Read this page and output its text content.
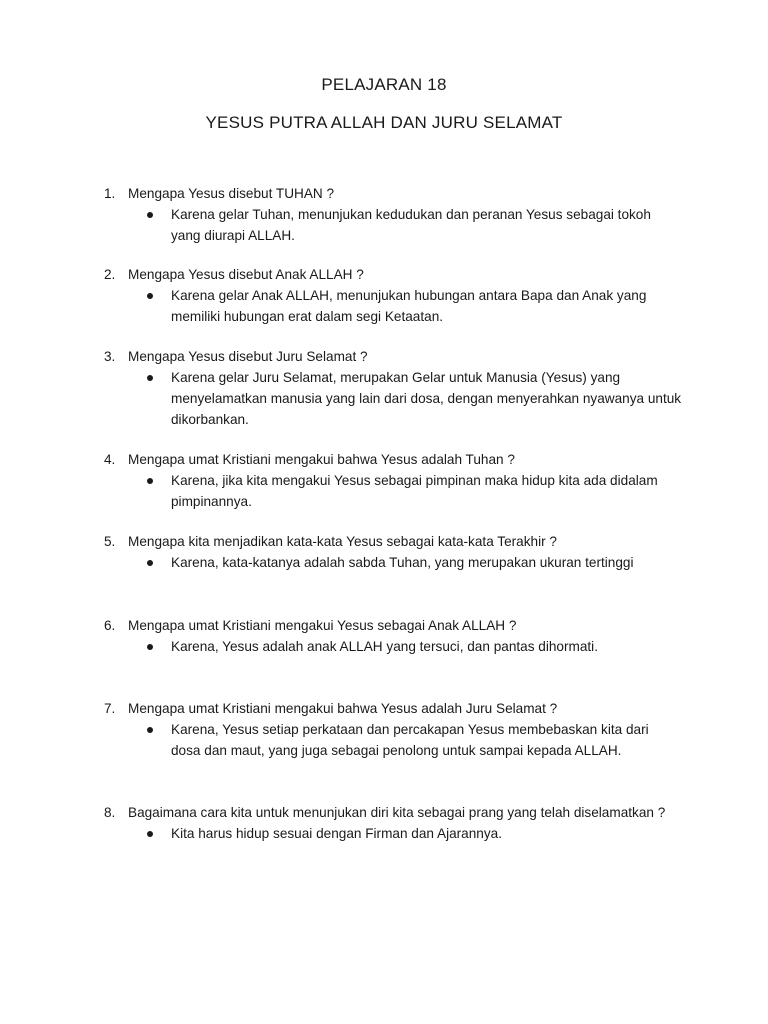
PELAJARAN 18
YESUS PUTRA ALLAH DAN JURU SELAMAT
1. Mengapa Yesus disebut TUHAN ?
Karena gelar Tuhan, menunjukan kedudukan dan peranan Yesus sebagai tokoh yang diurapi ALLAH.
2. Mengapa Yesus disebut Anak ALLAH ?
Karena gelar Anak ALLAH, menunjukan hubungan antara Bapa dan Anak yang memiliki hubungan erat dalam segi Ketaatan.
3. Mengapa Yesus disebut Juru Selamat ?
Karena gelar Juru Selamat, merupakan Gelar untuk Manusia (Yesus) yang menyelamatkan manusia yang lain dari dosa, dengan menyerahkan nyawanya untuk dikorbankan.
4. Mengapa umat Kristiani mengakui bahwa Yesus adalah Tuhan ?
Karena, jika kita mengakui Yesus sebagai pimpinan maka hidup kita ada didalam pimpinannya.
5. Mengapa kita menjadikan kata-kata Yesus sebagai kata-kata Terakhir ?
Karena, kata-katanya adalah sabda Tuhan, yang merupakan ukuran tertinggi
6. Mengapa umat Kristiani mengakui Yesus sebagai Anak ALLAH ?
Karena, Yesus adalah anak ALLAH yang tersuci, dan pantas dihormati.
7. Mengapa umat Kristiani mengakui bahwa Yesus adalah Juru Selamat ?
Karena, Yesus setiap perkataan dan percakapan Yesus membebaskan kita dari dosa dan maut, yang juga sebagai penolong untuk sampai kepada ALLAH.
8. Bagaimana cara kita untuk menunjukan diri kita sebagai prang yang telah diselamatkan ?
Kita harus hidup sesuai dengan Firman dan Ajarannya.
